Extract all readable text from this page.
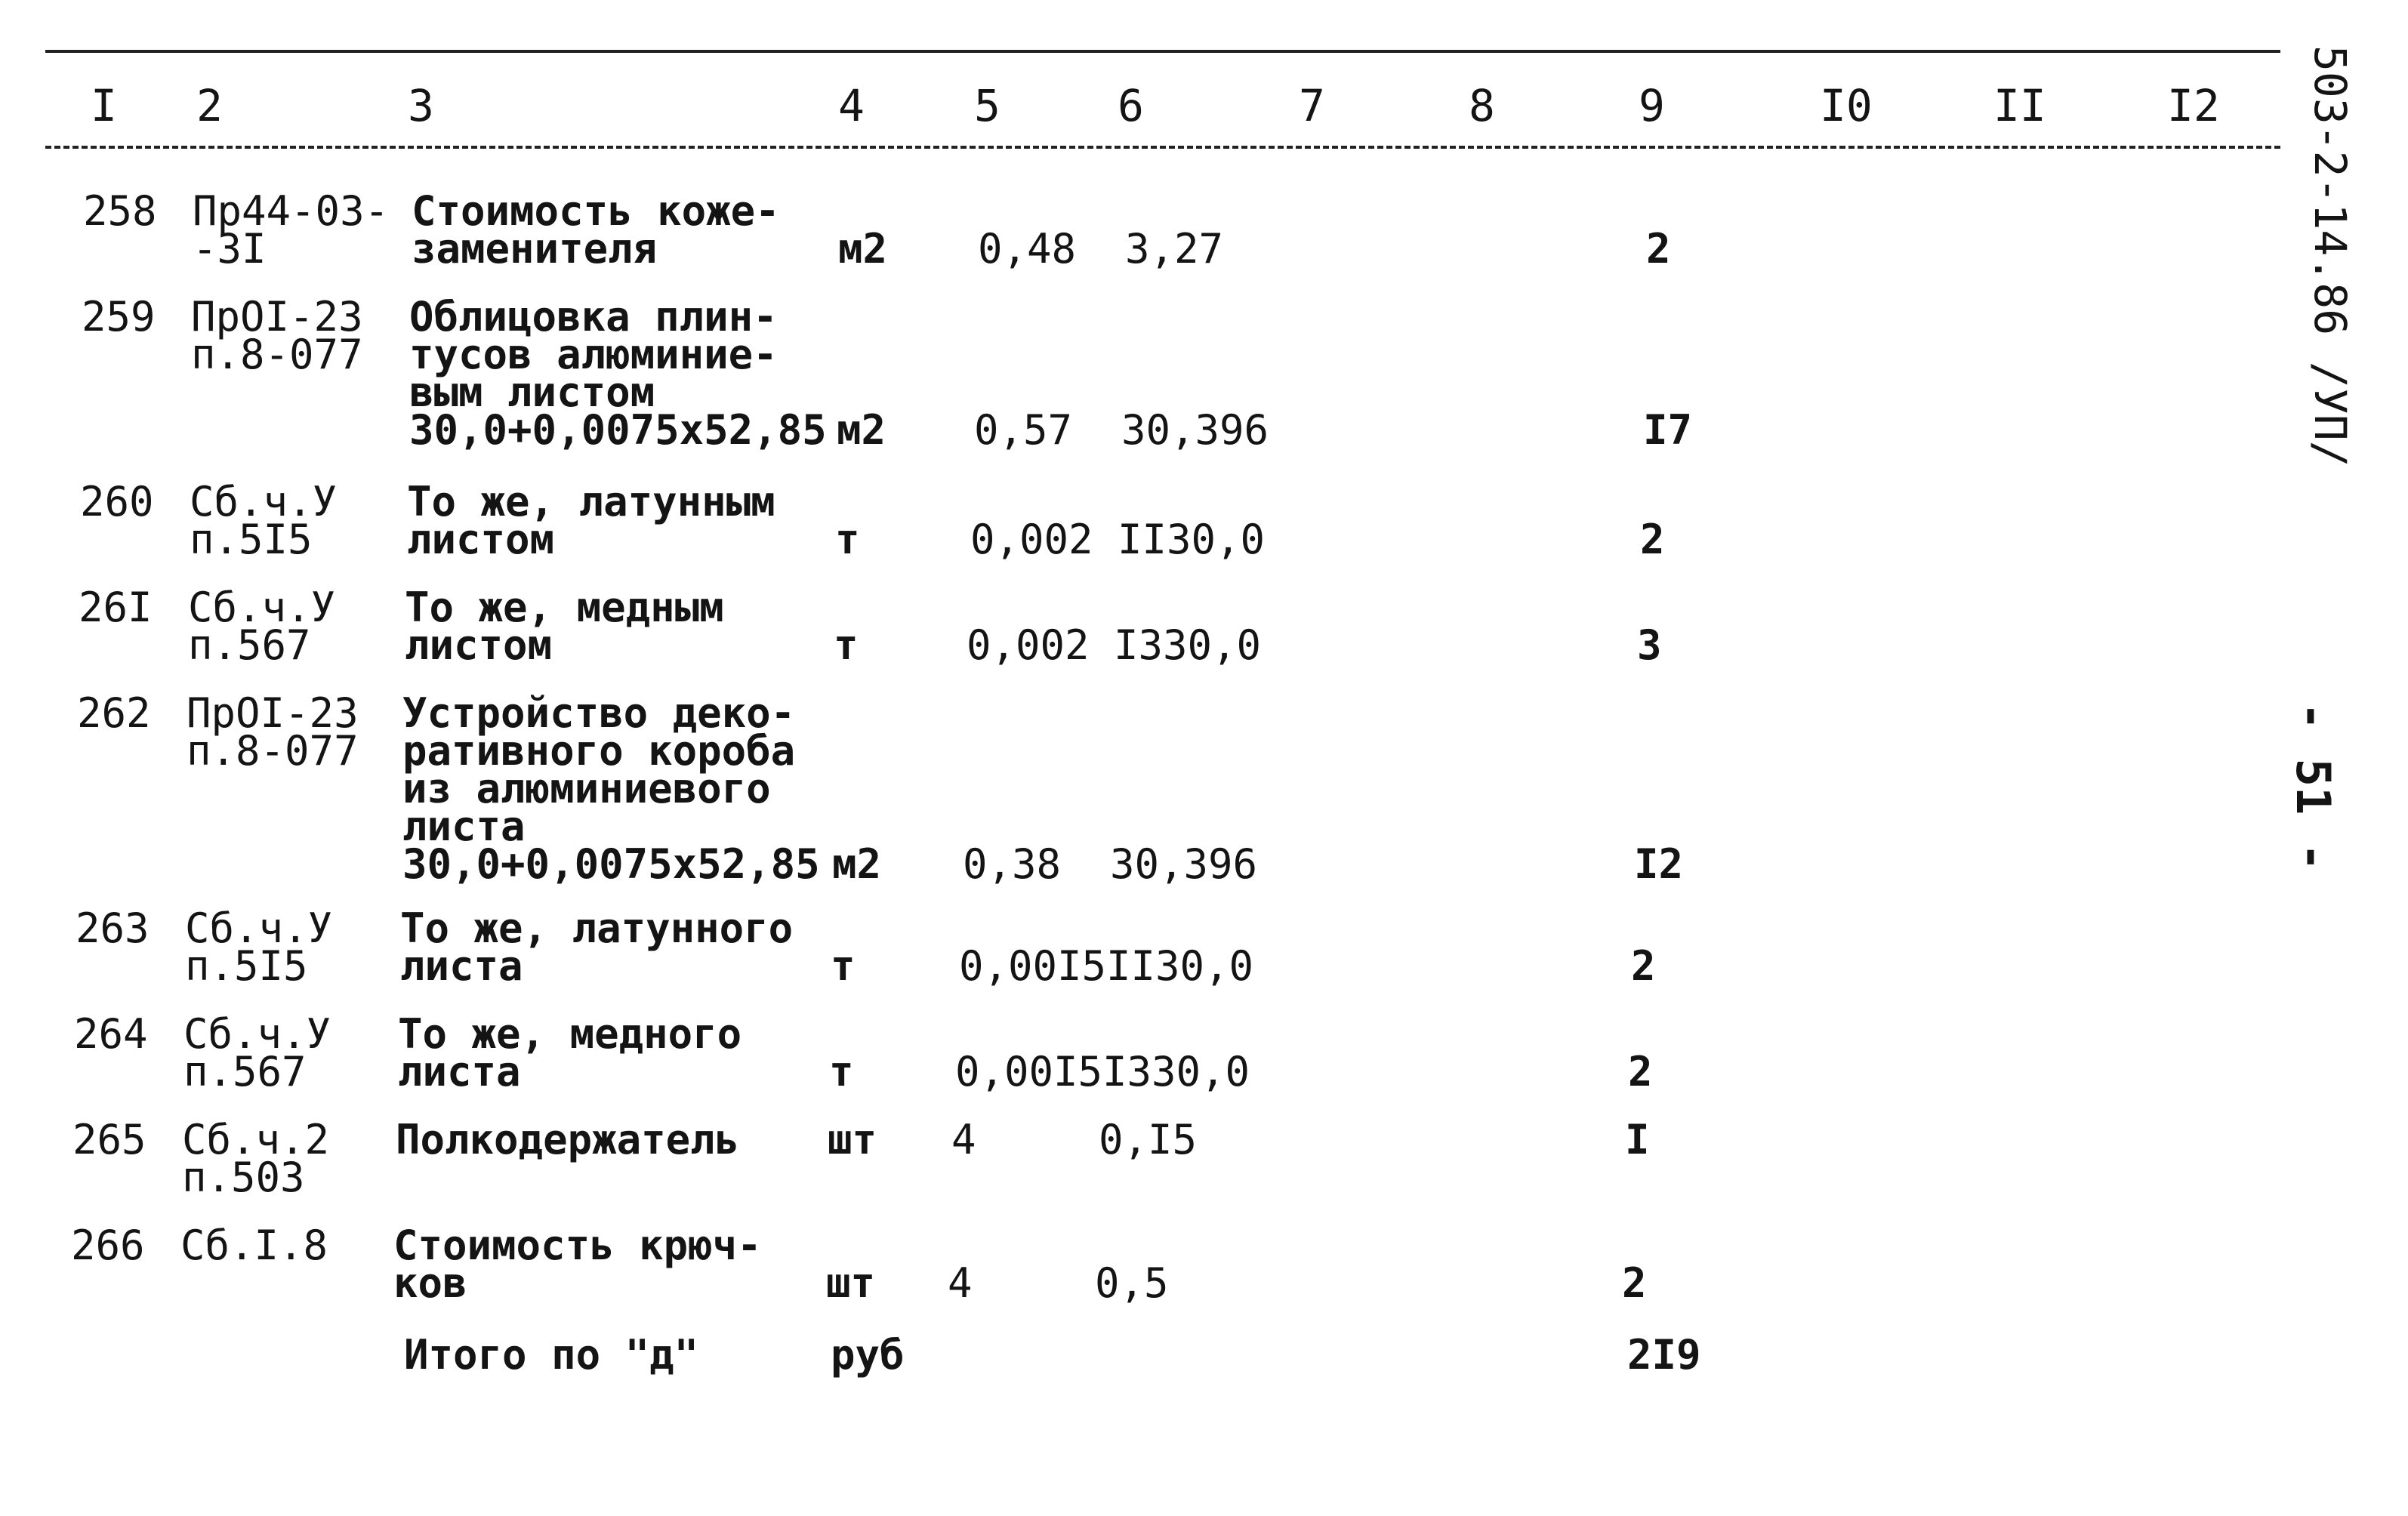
I 2	3	4	5	6	7	8	9	I0	II	I2
258 Пр44-03-
-3I
Стоимость кожe-
заменителя	м2 0,48 3,27	2
259 ПрОI-23
п.8-077
Облицовка плин-
тусов алюминие-
вым листом
30,0+0,0075х52,85 м2 0,57 30,396	I7
260 Сб.ч.У
п.5I5
То же, латунным
листом	т	0,002 II30,0	2
26I Сб.ч.У
п.567
То же, медным
листом	т	0,002 I330,0	3
262 ПрОI-23
п.8-077
Устройство деко-
ративного короба
из алюминиевого
листа
30,0+0,0075х52,85 м2 0,38 30,396	I2
263 Сб.ч.У
п.5I5
То же, латунного
листа	т	0,00I5 II30,0	2
264 Сб.ч.У
п.567
То же, медного
листа	т 0,00I5 I330,0	2
265 Сб.ч.2
п.503
Полкодержатель шт 4	0,I5	I
266 Сб.I.8 Стоимость крюч-
ков	шт 4	0,5	2
Итого по "д"	руб	2I9
503-2-14.86 /УП/
- 51 -
